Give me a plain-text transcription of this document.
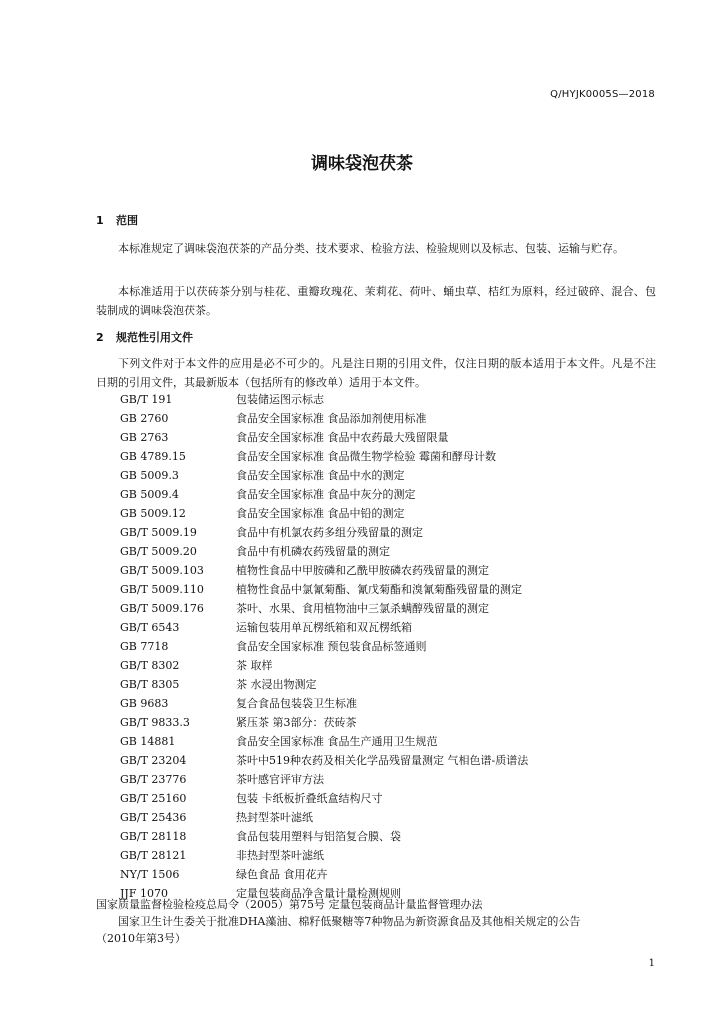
Q/HYJK0005S—2018
调味袋泡茯茶
1 范围

本标准规定了调味袋泡茯茶的产品分类、技术要求、检验方法、检验规则以及标志、包装、运输与贮存。

本标准适用于以茯砖茶分别与桂花、重瓣玫瑰花、茉莉花、荷叶、蛹虫草、桔红为原料，经过破碎、混合、包装制成的调味袋泡茯茶。

2 规范性引用文件

下列文件对于本文件的应用是必不可少的。凡是注日期的引用文件，仅注日期的版本适用于本文件。凡是不注日期的引用文件，其最新版本（包括所有的修改单）适用于本文件。

GB/T 191	包装储运图示标志
GB 2760	食品安全国家标准 食品添加剂使用标准
GB 2763	食品安全国家标准 食品中农药最大残留限量
GB 4789.15	食品安全国家标准 食品微生物学检验 霉菌和酵母计数
GB 5009.3	食品安全国家标准 食品中水的测定
GB 5009.4	食品安全国家标准 食品中灰分的测定
GB 5009.12	食品安全国家标准 食品中铅的测定
GB/T 5009.19	食品中有机氯农药多组分残留量的测定
GB/T 5009.20	食品中有机磷农药残留量的测定
GB/T 5009.103	植物性食品中甲胺磷和乙酰甲胺磷农药残留量的测定
GB/T 5009.110	植物性食品中氯氰菊酯、氰戊菊酯和溴氰菊酯残留量的测定
GB/T 5009.176	茶叶、水果、食用植物油中三氯杀螨醇残留量的测定
GB/T 6543	运输包装用单瓦楞纸箱和双瓦楞纸箱
GB 7718	食品安全国家标准 预包装食品标签通则
GB/T 8302	茶 取样
GB/T 8305	茶 水浸出物测定
GB 9683	复合食品包装袋卫生标准
GB/T 9833.3	紧压茶 第3部分：茯砖茶
GB 14881	食品安全国家标准 食品生产通用卫生规范
GB/T 23204	茶叶中519种农药及相关化学品残留量测定 气相色谱-质谱法
GB/T 23776	茶叶感官评审方法
GB/T 25160	包装 卡纸板折叠纸盒结构尺寸
GB/T 25436	热封型茶叶滤纸
GB/T 28118	食品包装用塑料与铝箔复合膜、袋
GB/T 28121	非热封型茶叶滤纸
NY/T 1506	绿色食品 食用花卉
JJF 1070	定量包装商品净含量计量检测规则
国家质量监督检验检疫总局令（2005）第75号 定量包装商品计量监督管理办法
国家卫生计生委关于批准DHA藻油、棉籽低聚糖等7种物品为新资源食品及其他相关规定的公告
（2010年第3号）
1
